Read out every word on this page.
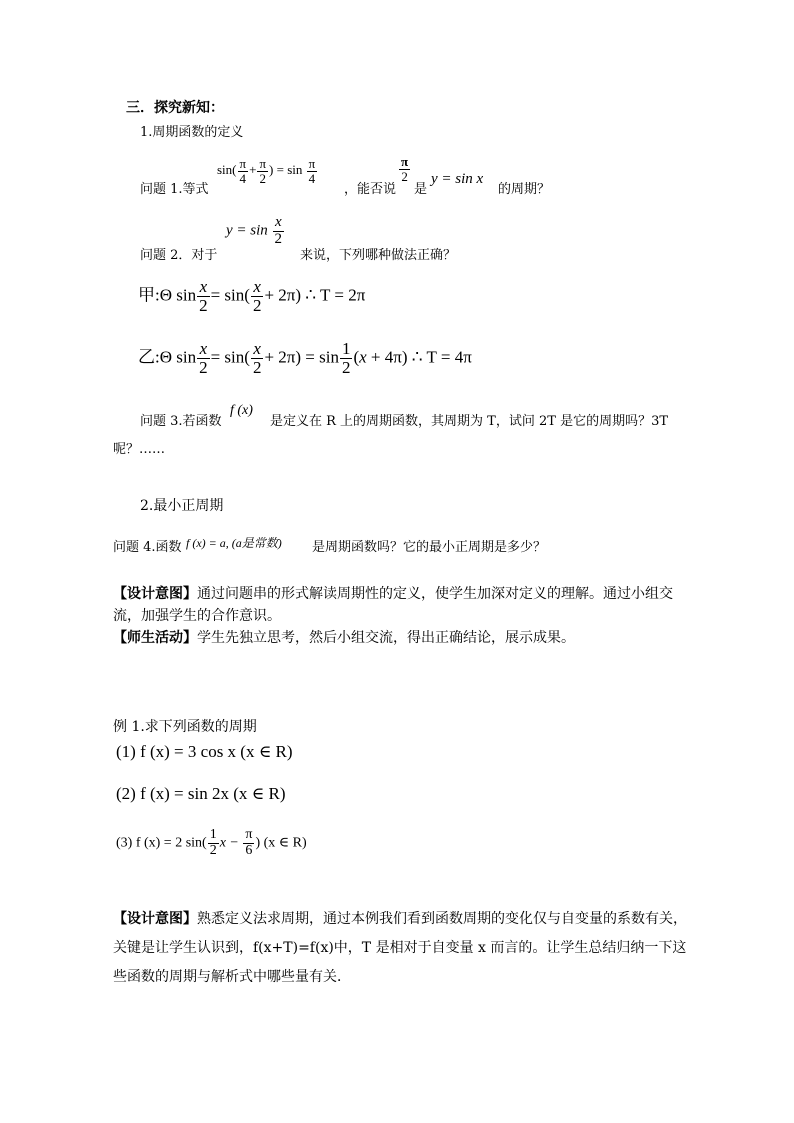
三．探究新知：
1.周期函数的定义
问题 1.等式
$\sin( \frac{\pi}{4} + \frac{\pi}{2}$ ) = $\sin \frac{\pi}{4}$
，能否说
$\frac{\pi}{2}$
是
y = sin x
的周期？
问题 2．对于
$y = \sin \frac{x}{2}$
来说，下列哪种做法正确？
甲:Θ $\sin \frac{x}{2} = \sin( \frac{x}{2} + 2\pi)$ ∴ T = 2π
乙:Θ $\sin \frac{x}{2} = \sin( \frac{x}{2} + 2\pi) = \sin \frac{1}{2} (x + 4\pi)$ ∴ T = 4π
问题 3.若函数
f (x)
是定义在 R 上的周期函数，其周期为 T，试问 2T 是它的周期吗？3T
呢？……
2.最小正周期
问题 4.函数 f (x) = a, (a是常数) 是周期函数吗？它的最小正周期是多少？
【设计意图】通过问题串的形式解读周期性的定义，使学生加深对定义的理解。通过小组交
流，加强学生的合作意识。
【师生活动】学生先独立思考，然后小组交流，得出正确结论，展示成果。
例 1.求下列函数的周期
(1) f (x) = 3 cos x (x ∈ R)
(2) f (x) = sin 2x (x ∈ R)
(3) f (x) = 2 $\sin( \frac{1}{2}$ $x - \frac{\pi}{6}$ ) (x ∈ R)
【设计意图】熟悉定义法求周期，通过本例我们看到函数周期的变化仅与自变量的系数有关，
关键是让学生认识到，f(x+T)=f(x)中，T 是相对于自变量 x 而言的。让学生总结归纳一下这
些函数的周期与解析式中哪些量有关．
